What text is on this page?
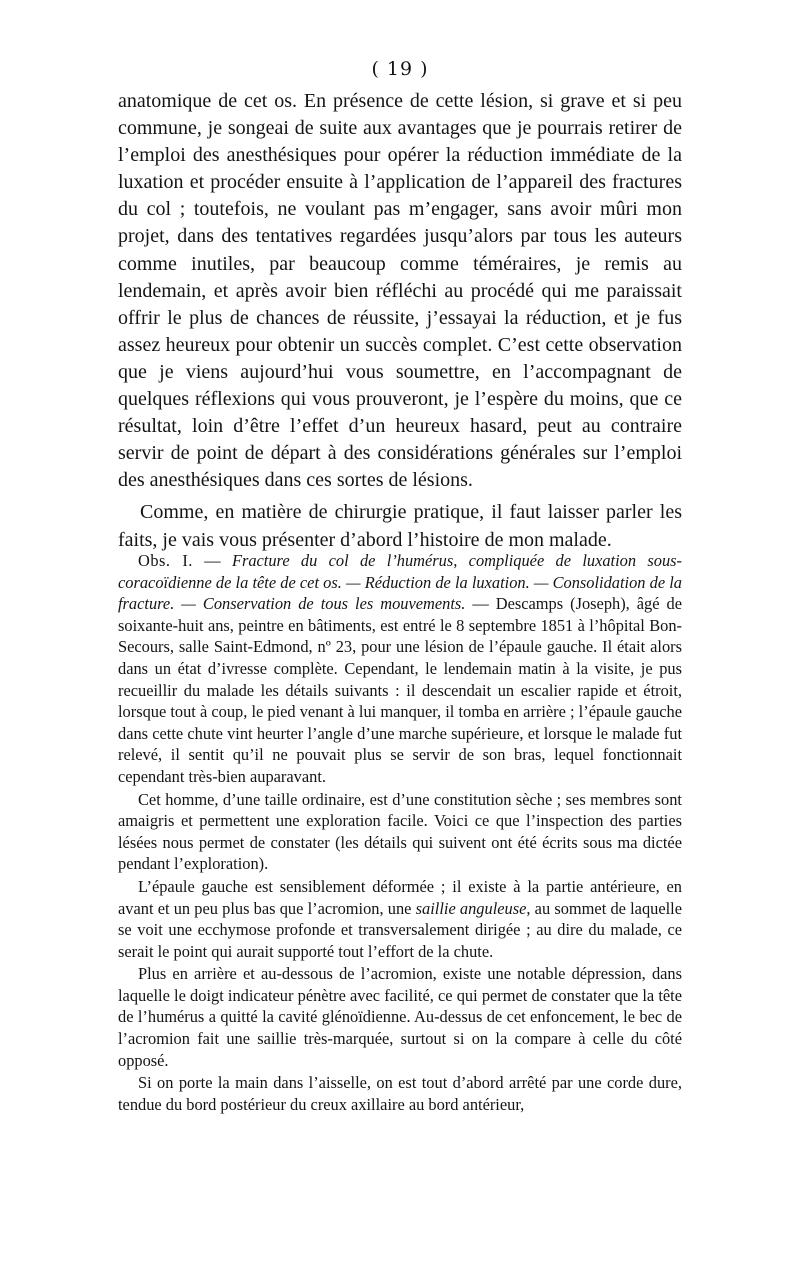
( 19 )

anatomique de cet os. En présence de cette lésion, si grave et si peu commune, je songeai de suite aux avantages que je pourrais retirer de l’emploi des anesthésiques pour opérer la réduction immédiate de la luxation et procéder ensuite à l’application de l’appareil des fractures du col ; toutefois, ne voulant pas m’engager, sans avoir mûri mon projet, dans des tentatives regardées jusqu’alors par tous les auteurs comme inutiles, par beaucoup comme téméraires, je remis au lendemain, et après avoir bien réfléchi au procédé qui me paraissait offrir le plus de chances de réussite, j’essayai la réduction, et je fus assez heureux pour obtenir un succès complet. C’est cette observation que je viens aujourd’hui vous soumettre, en l’accompagnant de quelques réflexions qui vous prouveront, je l’espère du moins, que ce résultat, loin d’être l’effet d’un heureux hasard, peut au contraire servir de point de départ à des considérations générales sur l’emploi des anesthésiques dans ces sortes de lésions.

Comme, en matière de chirurgie pratique, il faut laisser parler les faits, je vais vous présenter d’abord l’histoire de mon malade.

Obs. I. — Fracture du col de l’humérus, compliquée de luxation sous-coracoïdienne de la tête de cet os. — Réduction de la luxation. — Consolidation de la fracture. — Conservation de tous les mouvements. — Descamps (Joseph), âgé de soixante-huit ans, peintre en bâtiments, est entré le 8 septembre 1851 à l’hôpital Bon-Secours, salle Saint-Edmond, nº 23, pour une lésion de l’épaule gauche. Il était alors dans un état d’ivresse complète. Cependant, le lendemain matin à la visite, je pus recueillir du malade les détails suivants : il descendait un escalier rapide et étroit, lorsque tout à coup, le pied venant à lui manquer, il tomba en arrière ; l’épaule gauche dans cette chute vint heurter l’angle d’une marche supérieure, et lorsque le malade fut relevé, il sentit qu’il ne pouvait plus se servir de son bras, lequel fonctionnait cependant très-bien auparavant.

Cet homme, d’une taille ordinaire, est d’une constitution sèche ; ses membres sont amaigris et permettent une exploration facile. Voici ce que l’inspection des parties lésées nous permet de constater (les détails qui suivent ont été écrits sous ma dictée pendant l’exploration).

L’épaule gauche est sensiblement déformée ; il existe à la partie antérieure, en avant et un peu plus bas que l’acromion, une saillie anguleuse, au sommet de laquelle se voit une ecchymose profonde et transversalement dirigée ; au dire du malade, ce serait le point qui aurait supporté tout l’effort de la chute.

Plus en arrière et au-dessous de l’acromion, existe une notable dépression, dans laquelle le doigt indicateur pénètre avec facilité, ce qui permet de constater que la tête de l’humérus a quitté la cavité glénoïdienne. Au-dessus de cet enfoncement, le bec de l’acromion fait une saillie très-marquée, surtout si on la compare à celle du côté opposé.

Si on porte la main dans l’aisselle, on est tout d’abord arrêté par une corde dure, tendue du bord postérieur du creux axillaire au bord antérieur,
